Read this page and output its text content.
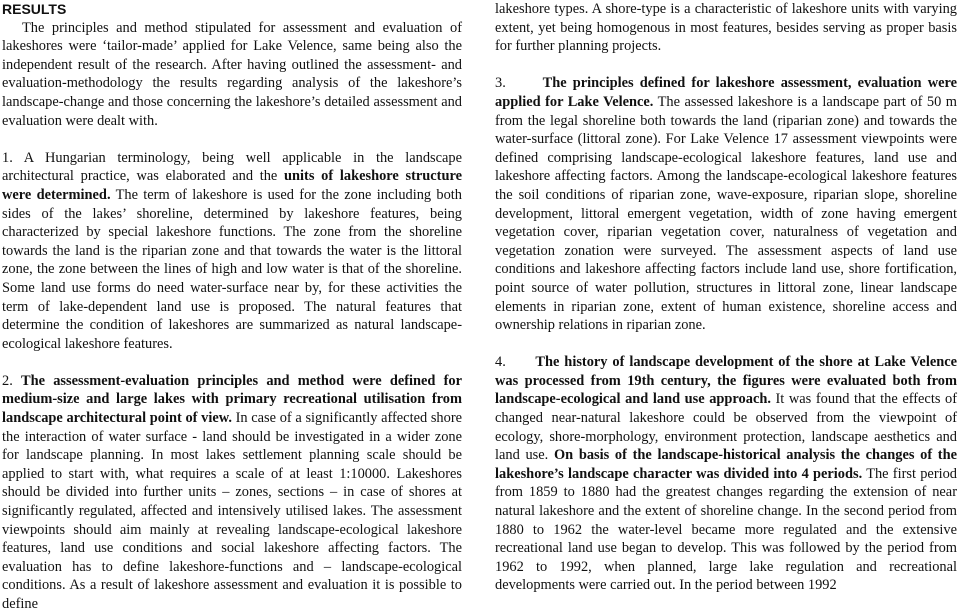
RESULTS

The principles and method stipulated for assessment and evaluation of lakeshores were ‘tailor-made’ applied for Lake Velence, same being also the independent result of the research. After having outlined the assessment- and evaluation-methodology the results regarding analysis of the lakeshore’s landscape-change and those concerning the lakeshore’s detailed assessment and evaluation were dealt with.

1. A Hungarian terminology, being well applicable in the landscape architectural practice, was elaborated and the units of lakeshore structure were determined. The term of lakeshore is used for the zone including both sides of the lakes’ shoreline, determined by lakeshore features, being characterized by special lakeshore functions. The zone from the shoreline towards the land is the riparian zone and that towards the water is the littoral zone, the zone between the lines of high and low water is that of the shoreline. Some land use forms do need water-surface near by, for these activities the term of lake-dependent land use is proposed. The natural features that determine the condition of lakeshores are summarized as natural landscape-ecological lakeshore features.

2. The assessment-evaluation principles and method were defined for medium-size and large lakes with primary recreational utilisation from landscape architectural point of view. In case of a significantly affected shore the interaction of water surface - land should be investigated in a wider zone for landscape planning. In most lakes settlement planning scale should be applied to start with, what requires a scale of at least 1:10000. Lakeshores should be divided into further units – zones, sections – in case of shores at significantly regulated, affected and intensively utilised lakes. The assessment viewpoints should aim mainly at revealing landscape-ecological lakeshore features, land use conditions and social lakeshore affecting factors. The evaluation has to define lakeshore-functions and – landscape-ecological conditions. As a result of lakeshore assessment and evaluation it is possible to define

lakeshore types. A shore-type is a characteristic of lakeshore units with varying extent, yet being homogenous in most features, besides serving as proper basis for further planning projects.

3.	The principles defined for lakeshore assessment, evaluation were applied for Lake Velence. The assessed lakeshore is a landscape part of 50 m from the legal shoreline both towards the land (riparian zone) and towards the water-surface (littoral zone). For Lake Velence 17 assessment viewpoints were defined comprising landscape-ecological lakeshore features, land use and lakeshore affecting factors. Among the landscape-ecological lakeshore features the soil conditions of riparian zone, wave-exposure, riparian slope, shoreline development, littoral emergent vegetation, width of zone having emergent vegetation cover, riparian vegetation cover, naturalness of vegetation and vegetation zonation were surveyed. The assessment aspects of land use conditions and lakeshore affecting factors include land use, shore fortification, point source of water pollution, structures in littoral zone, linear landscape elements in riparian zone, extent of human existence, shoreline access and ownership relations in riparian zone.

4. The history of landscape development of the shore at Lake Velence was processed from 19th century, the figures were evaluated both from landscape-ecological and land use approach. It was found that the effects of changed near-natural lakeshore could be observed from the viewpoint of ecology, shore-morphology, environment protection, landscape aesthetics and land use. On basis of the landscape-historical analysis the changes of the lakeshore’s landscape character was divided into 4 periods. The first period from 1859 to 1880 had the greatest changes regarding the extension of near natural lakeshore and the extent of shoreline change. In the second period from 1880 to 1962 the water-level became more regulated and the extensive recreational land use began to develop. This was followed by the period from 1962 to 1992, when planned, large lake regulation and recreational developments were carried out. In the period between 1992
